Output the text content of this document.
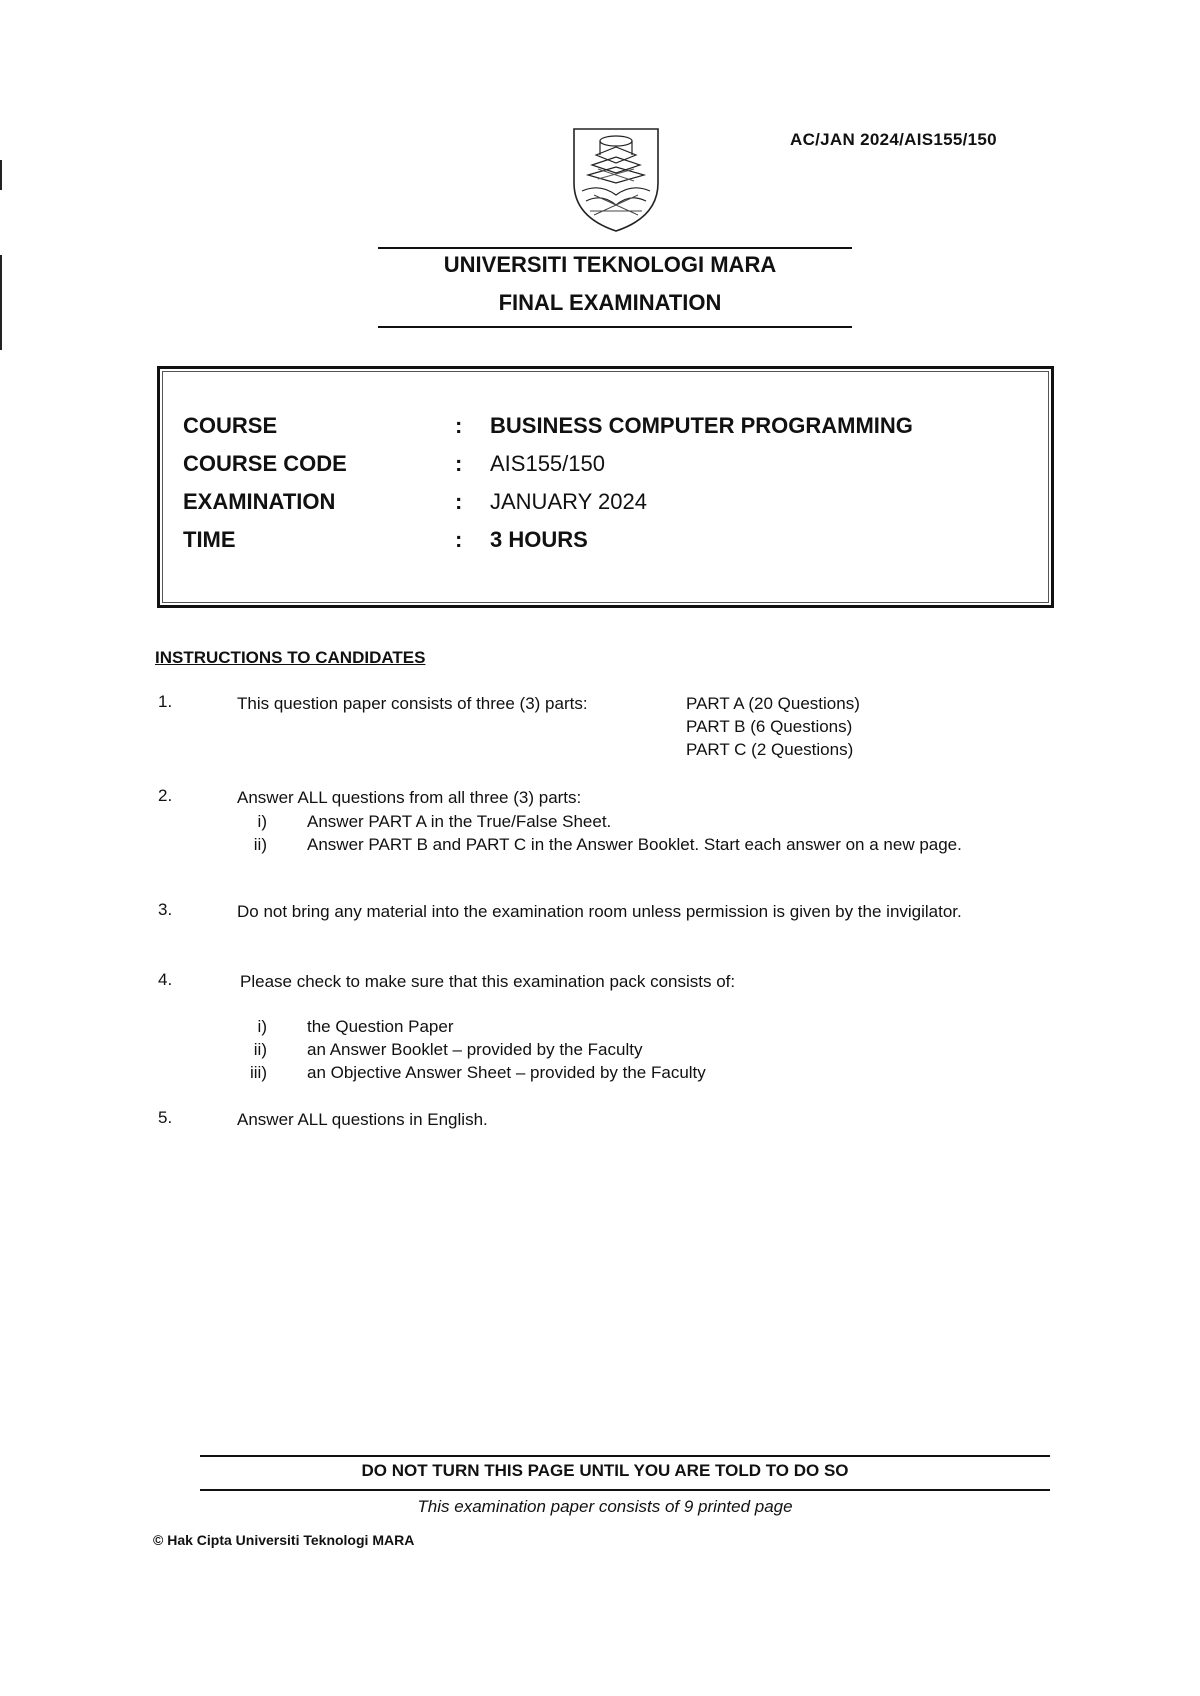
AC/JAN 2024/AIS155/150
UNIVERSITI TEKNOLOGI MARA
FINAL EXAMINATION
COURSE	: BUSINESS COMPUTER PROGRAMMING
COURSE CODE	: AIS155/150
EXAMINATION	: JANUARY 2024
TIME	: 3 HOURS
INSTRUCTIONS TO CANDIDATES
1.	This question paper consists of three (3) parts:	PART A (20 Questions)
PART B (6 Questions)
PART C (2 Questions)
2.	Answer ALL questions from all three (3) parts:
i) Answer PART A in the True/False Sheet.
ii) Answer PART B and PART C in the Answer Booklet. Start each answer on a new page.
3.	Do not bring any material into the examination room unless permission is given by the invigilator.
4.	Please check to make sure that this examination pack consists of:
i) the Question Paper
ii) an Answer Booklet – provided by the Faculty
iii) an Objective Answer Sheet – provided by the Faculty
5.	Answer ALL questions in English.
DO NOT TURN THIS PAGE UNTIL YOU ARE TOLD TO DO SO
This examination paper consists of 9 printed page
© Hak Cipta Universiti Teknologi MARA
